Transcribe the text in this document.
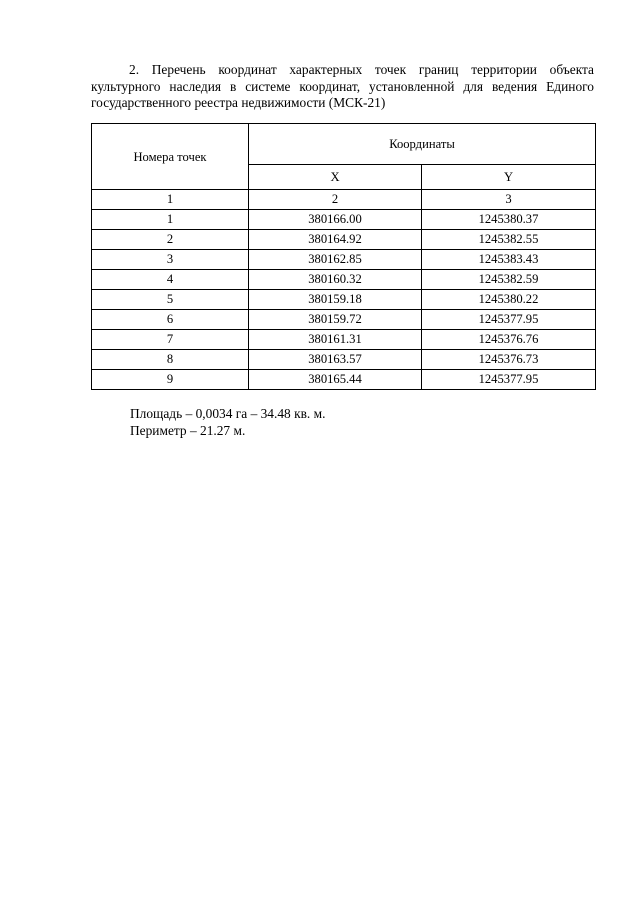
2. Перечень координат характерных точек границ территории объекта культурного наследия в системе координат, установленной для ведения Единого государственного реестра недвижимости (МСК-21)

Номера точек	Координаты	
	X	Y
1	2	3
1	380166.00	1245380.37
2	380164.92	1245382.55
3	380162.85	1245383.43
4	380160.32	1245382.59
5	380159.18	1245380.22
6	380159.72	1245377.95
7	380161.31	1245376.76
8	380163.57	1245376.73
9	380165.44	1245377.95
Площадь – 0,0034 га – 34.48 кв. м.
Периметр – 21.27 м.
